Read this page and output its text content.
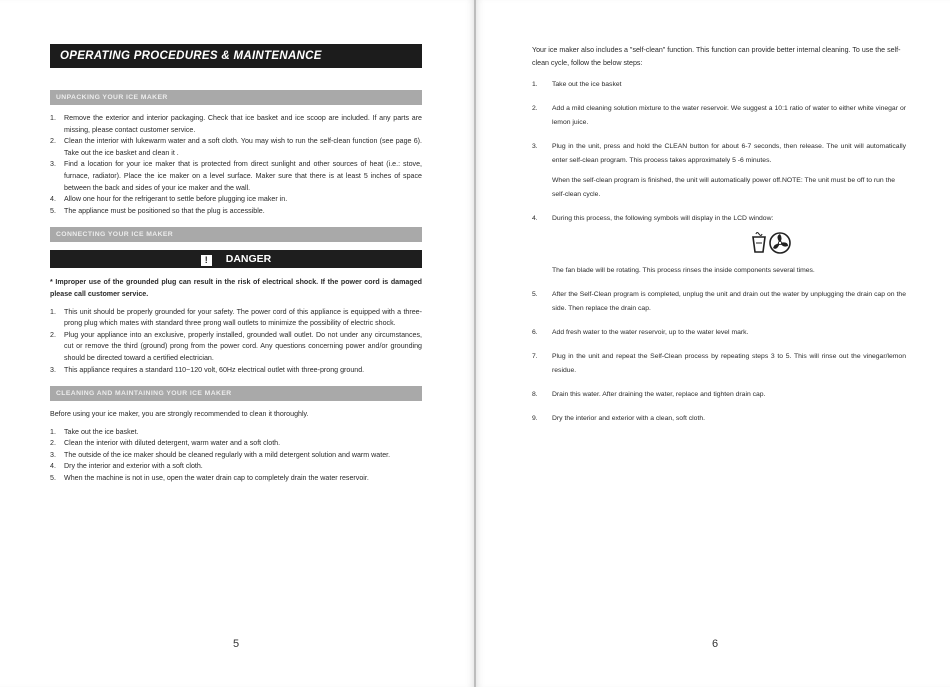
OPERATING PROCEDURES & MAINTENANCE
UNPACKING YOUR ICE MAKER
1. Remove the exterior and interior packaging. Check that ice basket and ice scoop are included. If any parts are missing, please contact customer service.
2. Clean the interior with lukewarm water and a soft cloth. You may wish to run the self-clean function (see page 6). Take out the ice basket and clean it .
3. Find a location for your ice maker that is protected from direct sunlight and other sources of heat (i.e.: stove, furnace, radiator). Place the ice maker on a level surface. Maker sure that there is at least 5 inches of space between the back and sides of your ice maker and the wall.
4. Allow one hour for the refrigerant to settle before plugging ice maker in.
5. The appliance must be positioned so that the plug is accessible.
CONNECTING YOUR ICE MAKER
! DANGER
* Improper use of the grounded plug can result in the risk of electrical shock. If the power cord is damaged please call customer service.
1. This unit should be properly grounded for your safety. The power cord of this appliance is equipped with a three-prong plug which mates with standard three prong wall outlets to minimize the possibility of electric shock.
2. Plug your appliance into an exclusive, properly installed, grounded wall outlet. Do not under any circumstances, cut or remove the third (ground) prong from the power cord. Any questions concerning power and/or grounding should be directed toward a certified electrician.
3. This appliance requires a standard 110~120 volt, 60Hz electrical outlet with three-prong ground.
CLEANING AND MAINTAINING YOUR ICE MAKER
Before using your ice maker, you are strongly recommended to clean it thoroughly.
1. Take out the ice basket.
2. Clean the interior with diluted detergent, warm water and a soft cloth.
3. The outside of the ice maker should be cleaned regularly with a mild detergent solution and warm water.
4. Dry the interior and exterior with a soft cloth.
5. When the machine is not in use, open the water drain cap to completely drain the water reservoir.
5
Your ice maker also includes a "self-clean" function. This function can provide better internal cleaning. To use the self-clean cycle, follow the below steps:
1. Take out the ice basket
2. Add a mild cleaning solution mixture to the water reservoir. We suggest a 10:1 ratio of water to either white vinegar or lemon juice.
3. Plug in the unit, press and hold the CLEAN button for about 6-7 seconds, then release. The unit will automatically enter self-clean program. This process takes approximately 5 -6 minutes.
When the self-clean program is finished, the unit will automatically power off.NOTE: The unit must be off to run the self-clean cycle.
4. During this process, the following symbols will display in the LCD window:
The fan blade will be rotating. This process rinses the inside components several times.
5. After the Self-Clean program is completed, unplug the unit and drain out the water by unplugging the drain cap on the side. Then replace the drain cap.
6. Add fresh water to the water reservoir, up to the water level mark.
7. Plug in the unit and repeat the Self-Clean process by repeating steps 3 to 5. This will rinse out the vinegar/lemon residue.
8. Drain this water. After draining the water, replace and tighten drain cap.
9. Dry the interior and exterior with a clean, soft cloth.
6
